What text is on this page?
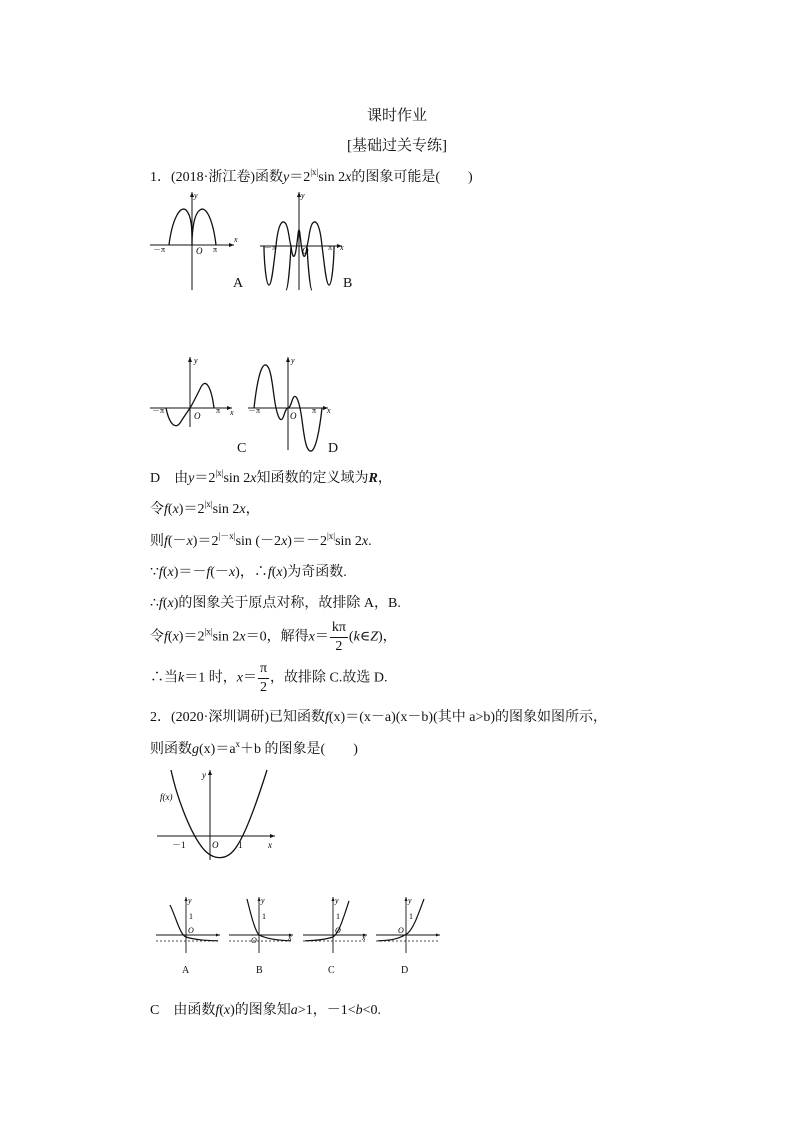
课时作业
[基础过关专练]
1．(2018·浙江卷)函数$y=2^{|x|}\sin$ 2x的图象可能是(　　)
y
x
O
－π	π
A
y
x
O
－π	π
B
y
x
O
－π	π
C
y
x
O
－π	π
D
D　由$y=2^{|x|}\sin$ 2x知函数的定义域为R，
令$f(x)=2^{|x|}\sin$ 2x，
则$f(-x)=2^{|-x|}\sin$ $(-2x)=-2^{|x|}\sin$ 2x.
∵f(x)＝－f(－x)，∴f(x)为奇函数.
∴f(x)的图象关于原点对称，故排除 A，B.
令$f(x)=2^{|x|}\sin$ 2x＝0，解得$x= \frac{k\pi}{2}$ (k∈Z)，
∴当k＝1 时，$x= \frac{\pi}{2}$ ，故排除 C.故选 D.
2．(2020·深圳调研)已知函数f(x)＝(x－a)(x－b)(其中 a>b)的图象如图所示，
则函数$g(x)=a^x+b$ 的图象是(　　)
f(x)
y
x
－1	1
O
y
1
O
y
1
O	x
y
1
O
x
y
1
O
A	B	C	D
C　由函数f(x)的图象知a>1，－1<b<0.
